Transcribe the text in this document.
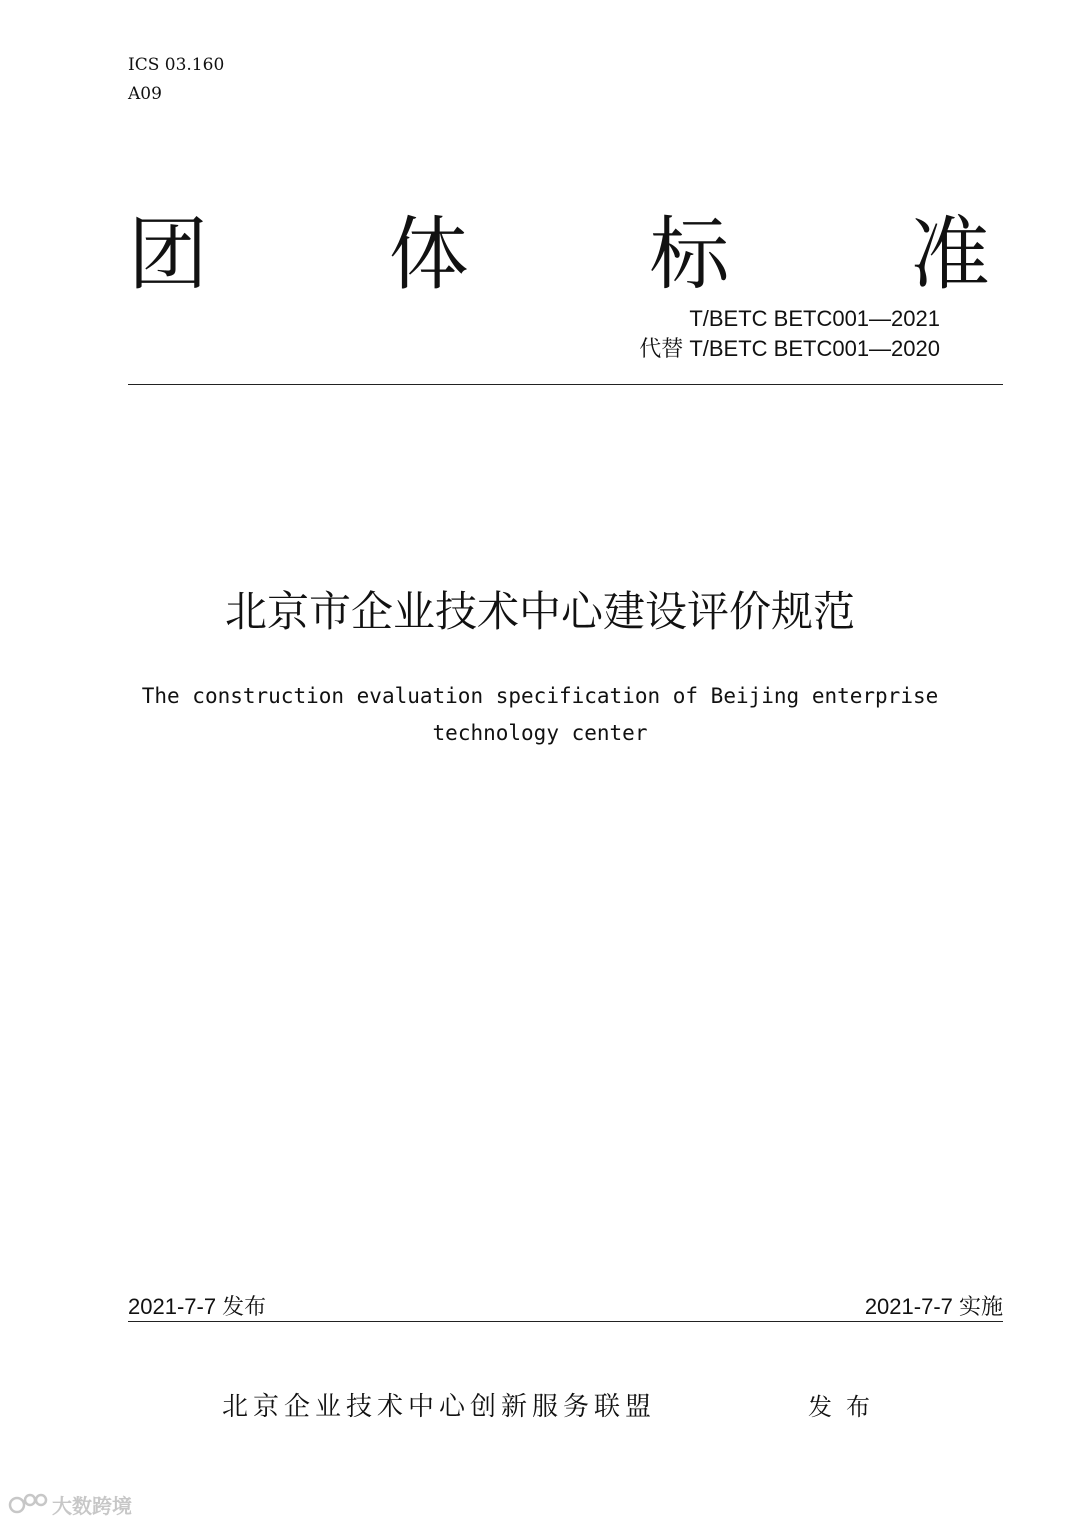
ICS 03.160
A09
团 体 标 准
T/BETC BETC001—2021
代替 T/BETC BETC001—2020
北京市企业技术中心建设评价规范
The construction evaluation specification of Beijing enterprise
technology center
2021-7-7 发布	2021-7-7 实施
北京企业技术中心创新服务联盟	发布
大数跨境
